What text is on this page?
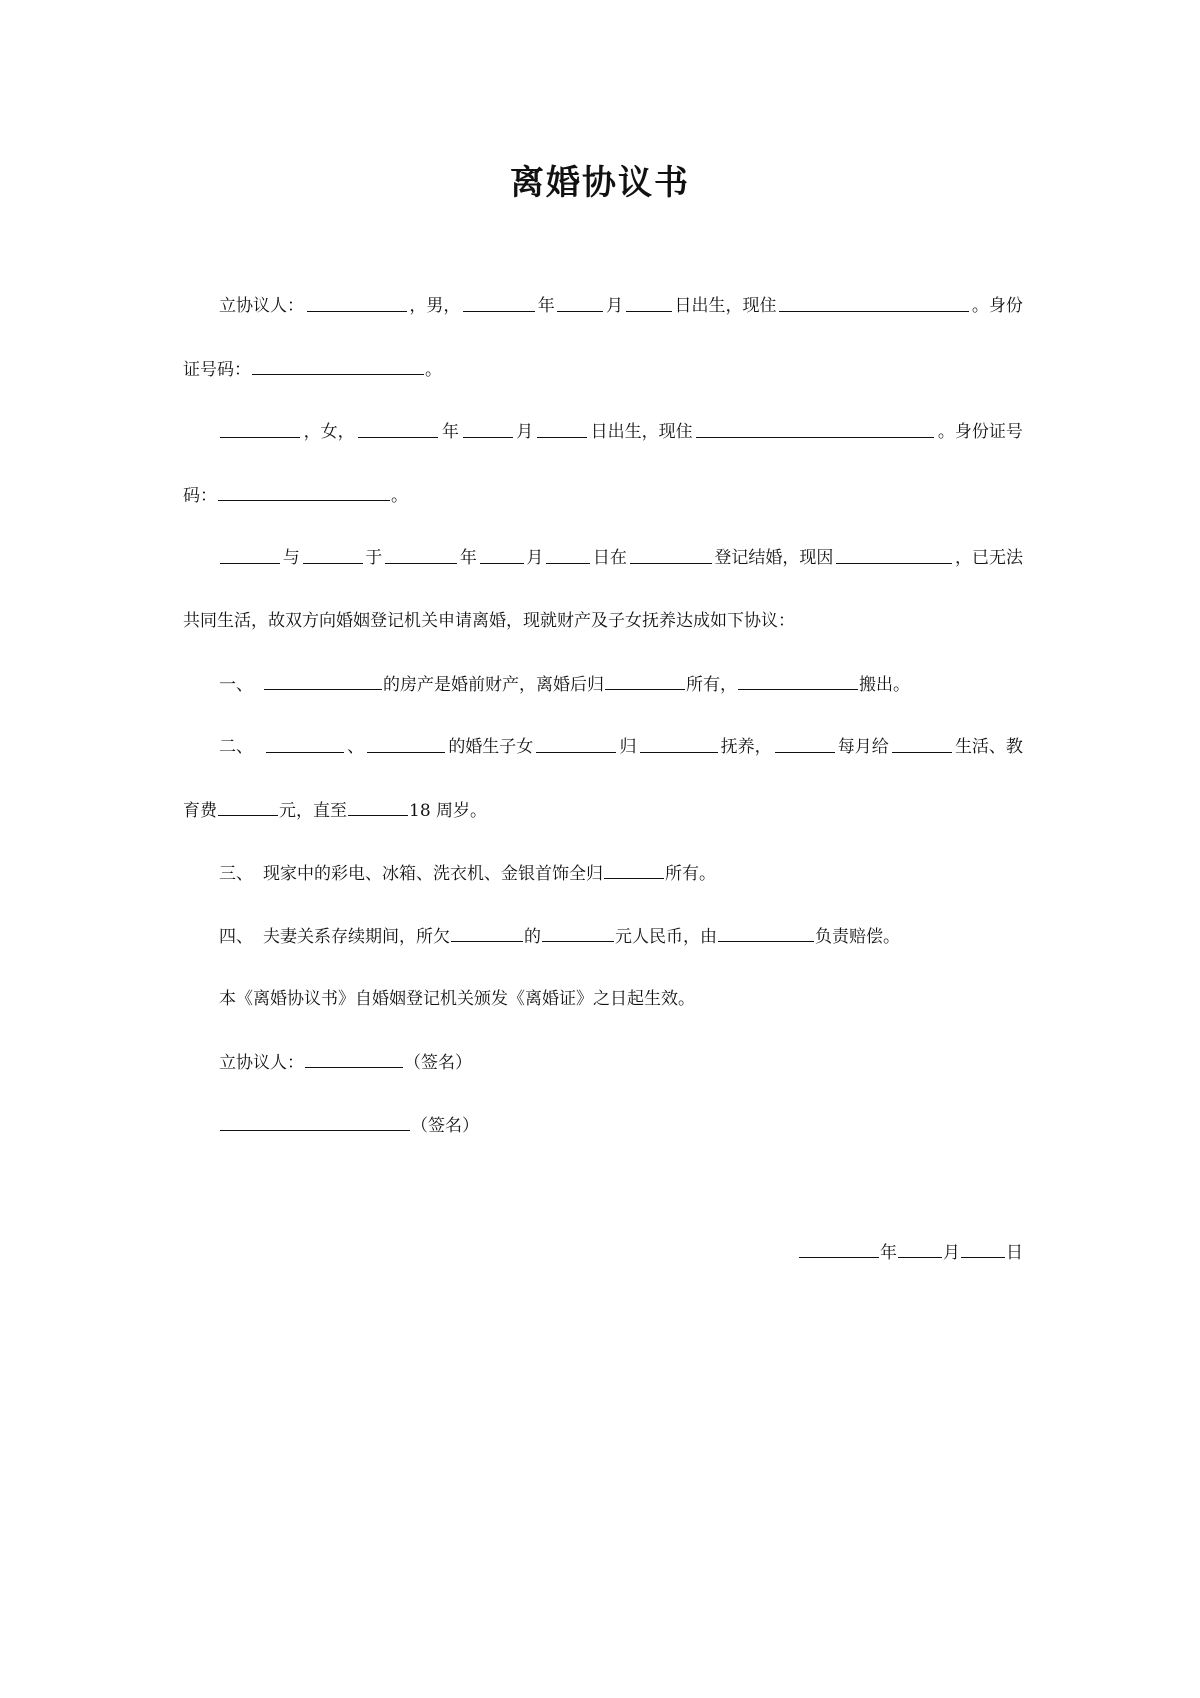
离婚协议书
立协议人：	，男，	年	月	日出生，现住	。身份
证号码：	。
，女，	年	月	日出生，现住	。身份证号
码：	。
与	于	年	月	日在	登记结婚，现因	，已无法
共同生活，故双方向婚姻登记机关申请离婚，现就财产及子女抚养达成如下协议：
一、	的房产是婚前财产，离婚后归	所有，	搬出。
二、	、	的婚生子女	归	抚养，	每月给	生活、教
育费	元，直至	18 周岁。
三、 现家中的彩电、冰箱、洗衣机、金银首饰全归	所有。
四、 夫妻关系存续期间，所欠	的	元人民币，由	负责赔偿。
本《离婚协议书》自婚姻登记机关颁发《离婚证》之日起生效。
立协议人：	（签名）
（签名）
年	月	日
